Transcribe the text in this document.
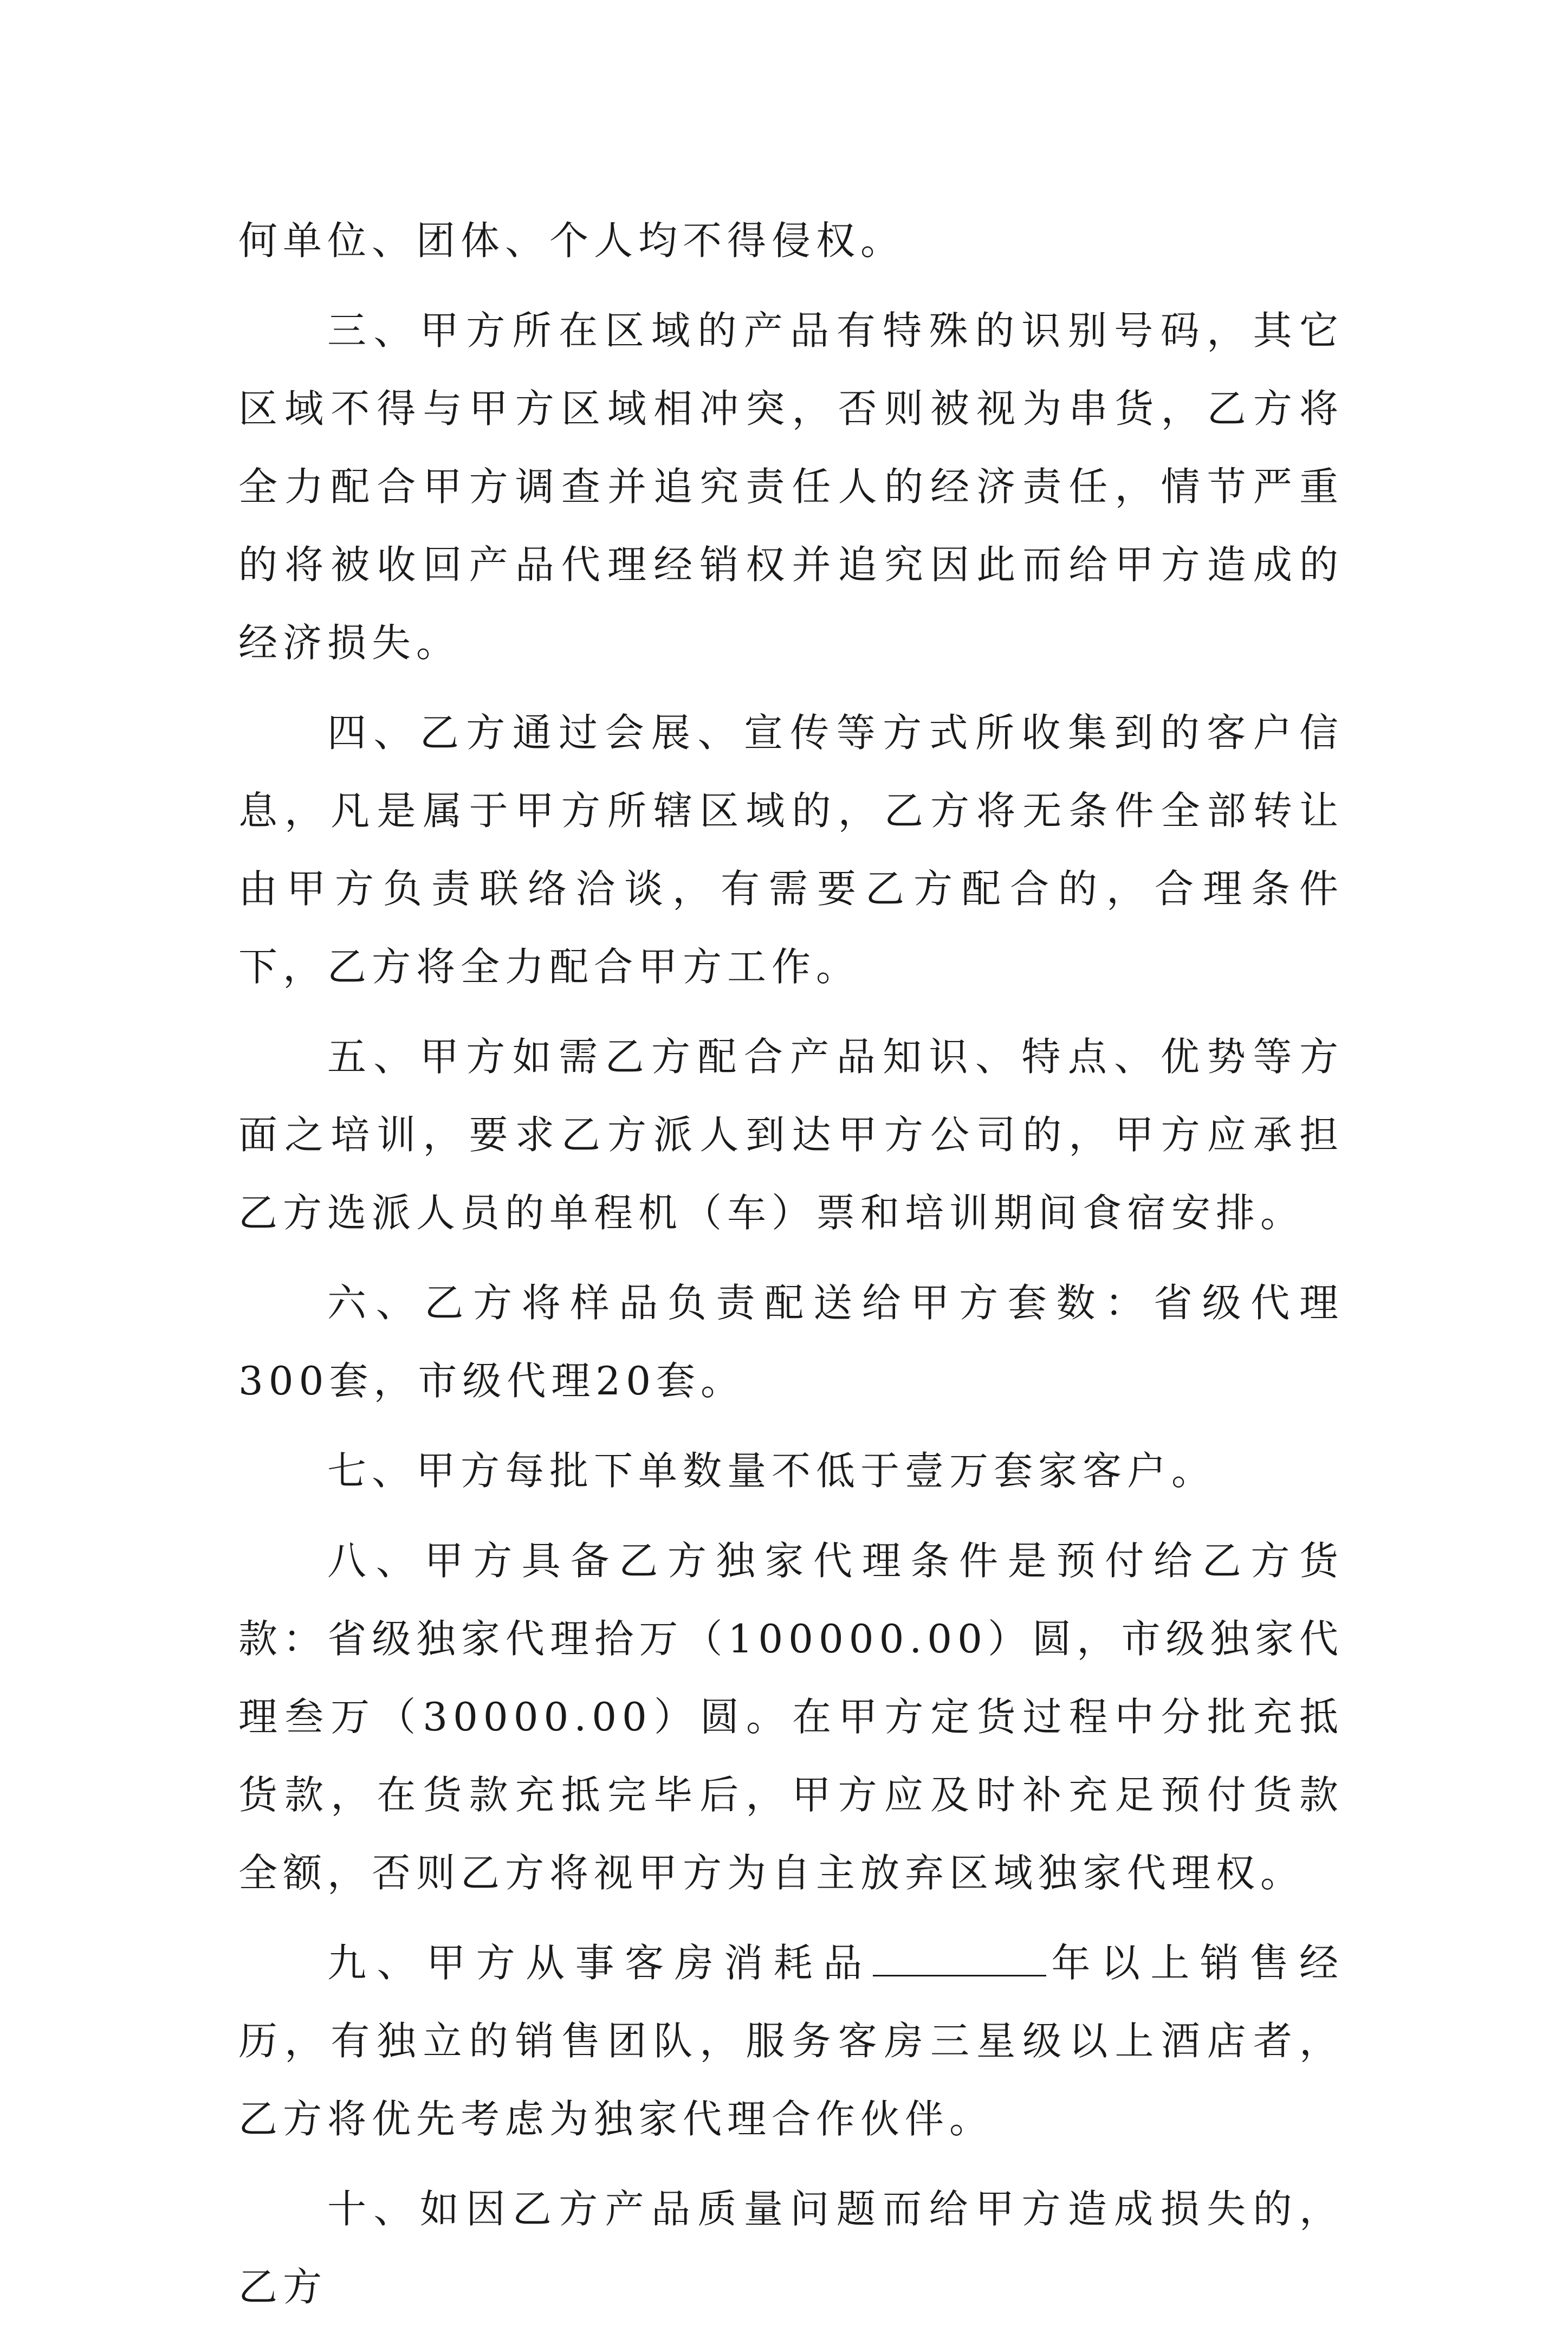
何单位、团体、个人均不得侵权。

三、甲方所在区域的产品有特殊的识别号码，其它区域不得与甲方区域相冲突，否则被视为串货，乙方将全力配合甲方调查并追究责任人的经济责任，情节严重的将被收回产品代理经销权并追究因此而给甲方造成的经济损失。

四、乙方通过会展、宣传等方式所收集到的客户信息，凡是属于甲方所辖区域的，乙方将无条件全部转让由甲方负责联络洽谈，有需要乙方配合的，合理条件下，乙方将全力配合甲方工作。

五、甲方如需乙方配合产品知识、特点、优势等方面之培训，要求乙方派人到达甲方公司的，甲方应承担乙方选派人员的单程机（车）票和培训期间食宿安排。

六、乙方将样品负责配送给甲方套数：省级代理300套，市级代理20套。

七、甲方每批下单数量不低于壹万套家客户。

八、甲方具备乙方独家代理条件是预付给乙方货款：省级独家代理拾万（100000.00）圆，市级独家代理叁万（30000.00）圆。在甲方定货过程中分批充抵货款，在货款充抵完毕后，甲方应及时补充足预付货款全额，否则乙方将视甲方为自主放弃区域独家代理权。

九、甲方从事客房消耗品	年以上销售经历，有独立的销售团队，服务客房三星级以上酒店者，乙方将优先考虑为独家代理合作伙伴。

十、如因乙方产品质量问题而给甲方造成损失的，乙方
